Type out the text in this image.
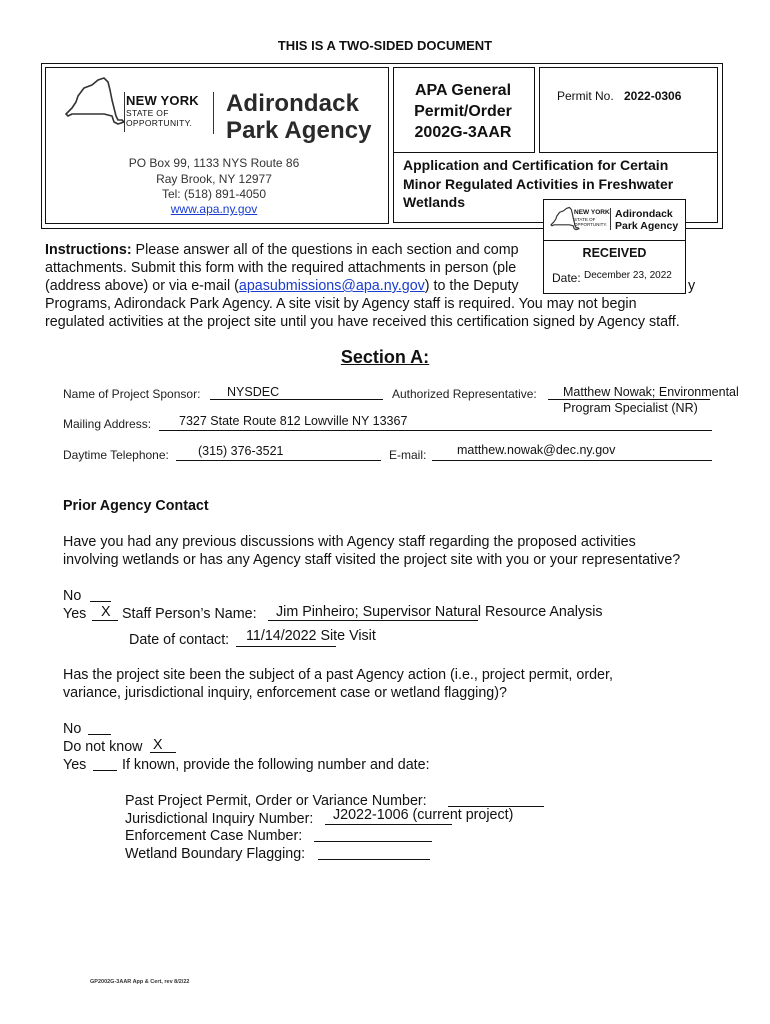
THIS IS A TWO-SIDED DOCUMENT
NEW YORK
STATE OF
OPPORTUNITY.
Adirondack
Park Agency
PO Box 99, 1133 NYS Route 86
Ray Brook, NY 12977
Tel: (518) 891-4050
www.apa.ny.gov
APA General
Permit/Order
2002G-3AAR
Permit No. 2022-0306
Application and Certification for Certain
Minor Regulated Activities in Freshwater
Wetlands
Instructions: Please answer all of the questions in each section and comp
attachments. Submit this form with the required attachments in person (ple
(address above) or via e-mail (apasubmissions@apa.ny.gov) to the Deputy	y
Programs, Adirondack Park Agency. A site visit by Agency staff is required. You may not begin
regulated activities at the project site until you have received this certification signed by Agency staff.
NEW YORK
STATE OF
OPPORTUNITY.
Adirondack
Park Agency
RECEIVED
Date: December 23, 2022
Section A:
Name of Project Sponsor: NYSDEC	Authorized Representative: Matthew Nowak; Environmental
Program Specialist (NR)
Mailing Address: 7327 State Route 812 Lowville NY 13367
Daytime Telephone: (315) 376-3521	E-mail: matthew.nowak@dec.ny.gov
Prior Agency Contact
Have you had any previous discussions with Agency staff regarding the proposed activities
involving wetlands or has any Agency staff visited the project site with you or your representative?
No
Yes X Staff Person’s Name: Jim Pinheiro; Supervisor Natural Resource Analysis
Date of contact: 11/14/2022 Site Visit
Has the project site been the subject of a past Agency action (i.e., project permit, order,
variance, jurisdictional inquiry, enforcement case or wetland flagging)?
No
Do not know X
Yes If known, provide the following number and date:
Past Project Permit, Order or Variance Number:
Jurisdictional Inquiry Number: J2022-1006 (current project)
Enforcement Case Number:
Wetland Boundary Flagging:
GP2002G-3AAR App & Cert, rev 8/2/22
